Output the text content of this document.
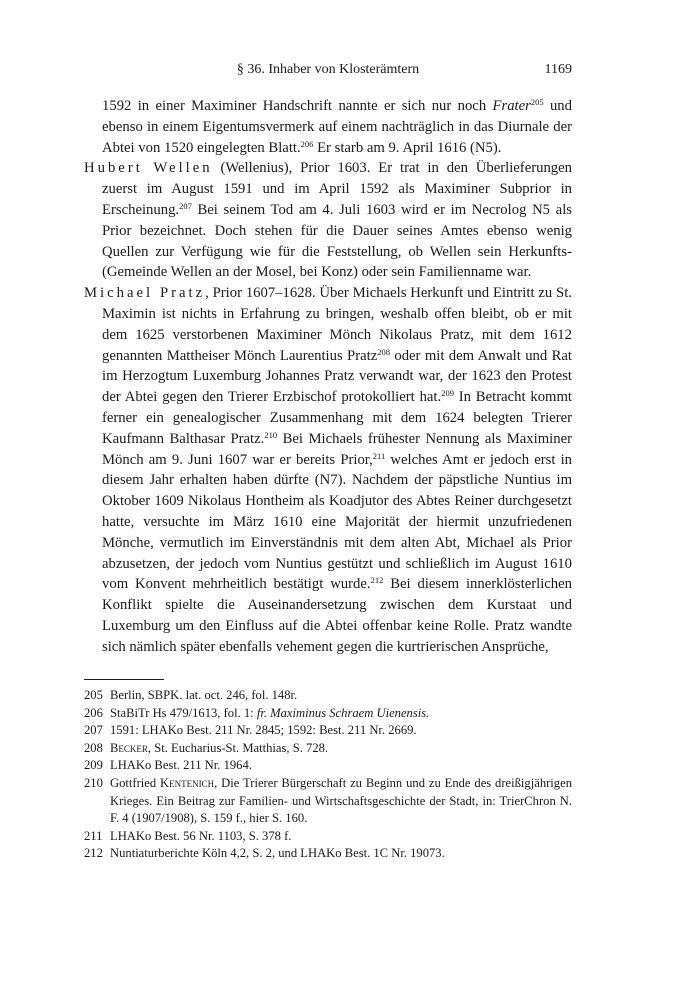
§ 36. Inhaber von Klosterämtern	1169

1592 in einer Maximiner Handschrift nannte er sich nur noch Frater$^{205}$ und ebenso in einem Eigentumsvermerk auf einem nachträglich in das Diurnale der Abtei von 1520 eingelegten Blatt.$^{206}$ Er starb am 9. April 1616 (N5).

Hubert Wellen (Wellenius), Prior 1603. Er trat in den Überlieferungen zuerst im August 1591 und im April 1592 als Maximiner Subprior in Erscheinung.$^{207}$ Bei seinem Tod am 4. Juli 1603 wird er im Necrolog N5 als Prior bezeichnet. Doch stehen für die Dauer seines Amtes ebenso wenig Quellen zur Verfügung wie für die Feststellung, ob Wellen sein Herkunfts- (Gemeinde Wellen an der Mosel, bei Konz) oder sein Familienname war.

Michael Pratz, Prior 1607–1628. Über Michaels Herkunft und Eintritt zu St. Maximin ist nichts in Erfahrung zu bringen, weshalb offen bleibt, ob er mit dem 1625 verstorbenen Maximiner Mönch Nikolaus Pratz, mit dem 1612 genannten Mattheiser Mönch Laurentius Pratz$^{208}$ oder mit dem Anwalt und Rat im Herzogtum Luxemburg Johannes Pratz verwandt war, der 1623 den Protest der Abtei gegen den Trierer Erzbischof protokolliert hat.$^{209}$ In Betracht kommt ferner ein genealogischer Zusammenhang mit dem 1624 belegten Trierer Kaufmann Balthasar Pratz.$^{210}$ Bei Michaels frühester Nennung als Maximiner Mönch am 9. Juni 1607 war er bereits Prior,$^{211}$ welches Amt er jedoch erst in diesem Jahr erhalten haben dürfte (N7). Nachdem der päpstliche Nuntius im Oktober 1609 Nikolaus Hontheim als Koadjutor des Abtes Reiner durchgesetzt hatte, versuchte im März 1610 eine Majorität der hiermit unzufriedenen Mönche, vermutlich im Einverständnis mit dem alten Abt, Michael als Prior abzusetzen, der jedoch vom Nuntius gestützt und schließlich im August 1610 vom Konvent mehrheitlich bestätigt wurde.$^{212}$ Bei diesem innerklösterlichen Konflikt spielte die Auseinandersetzung zwischen dem Kurstaat und Luxemburg um den Einfluss auf die Abtei offenbar keine Rolle. Pratz wandte sich nämlich später ebenfalls vehement gegen die kurtrierischen Ansprüche,

205 Berlin, SBPK. lat. oct. 246, fol. 148r.
206 StaBiTr Hs 479/1613, fol. 1: fr. Maximinus Schraem Uienensis.
207 1591: LHAKo Best. 211 Nr. 2845; 1592: Best. 211 Nr. 2669.
208 Becker, St. Eucharius-St. Matthias, S. 728.
209 LHAKo Best. 211 Nr. 1964.
210 Gottfried Kentenich, Die Trierer Bürgerschaft zu Beginn und zu Ende des dreißigjährigen Krieges. Ein Beitrag zur Familien- und Wirtschaftsgeschichte der Stadt, in: TrierChron N. F. 4 (1907/1908), S. 159 f., hier S. 160.
211 LHAKo Best. 56 Nr. 1103, S. 378 f.
212 Nuntiaturberichte Köln 4,2, S. 2, und LHAKo Best. 1C Nr. 19073.
